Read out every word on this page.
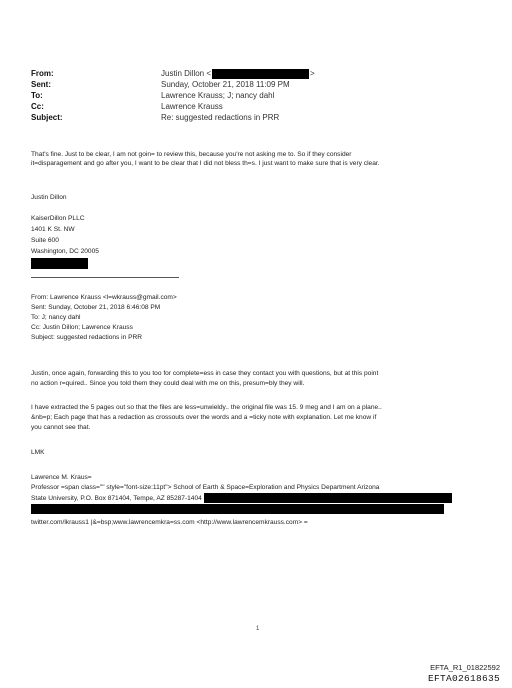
From:	Justin Dillon <	>
Sent:	Sunday, October 21, 2018 11:09 PM
To:	Lawrence Krauss; J; nancy dahl
Cc:	Lawrence Krauss
Subject:	Re: suggested redactions in PRR
That's fine. Just to be clear, I am not goin= to review this, because you're not asking me to. So if they consider
it=disparagement and go after you, I want to be clear that I did not bless th=s. I just want to make sure that is very clear.
Justin Dillon
KaiserDillon PLLC
1401 K St. NW
Suite 600
Washington, DC 20005
From: Lawrence Krauss <l=wkrauss@gmail.com>
Sent: Sunday, October 21, 2018 6:46:08 PM
To: J; nancy dahl
Cc: Justin Dillon; Lawrence Krauss
Subject: suggested redactions in PRR
Justin, once again, forwarding this to you too for complete=ess in case they contact you with questions, but at this point
no action r=quired.. Since you told them they could deal with me on this, presum=bly they will.
I have extracted the 5 pages out so that the files are less=unwieldy.. the original file was 15. 9 meg and I am on a plane..
&nb=p; Each page that has a redaction as crossouts over the words and a =ticky note with explanation. Let me know if
you cannot see that.
LMK
Lawrence M. Kraus=
Professor =span class="" style="font-size:11pt"> School of Earth & Space=Exploration and Physics Department Arizona
State University, P.O. Box 871404, Tempe, AZ 85287-1404
twitter.com/lkrauss1 |&=bsp;www.lawrencemkra=ss.com <http://www.lawrencemkrauss.com> =
1
EFTA_R1_01822592
EFTA02618635
